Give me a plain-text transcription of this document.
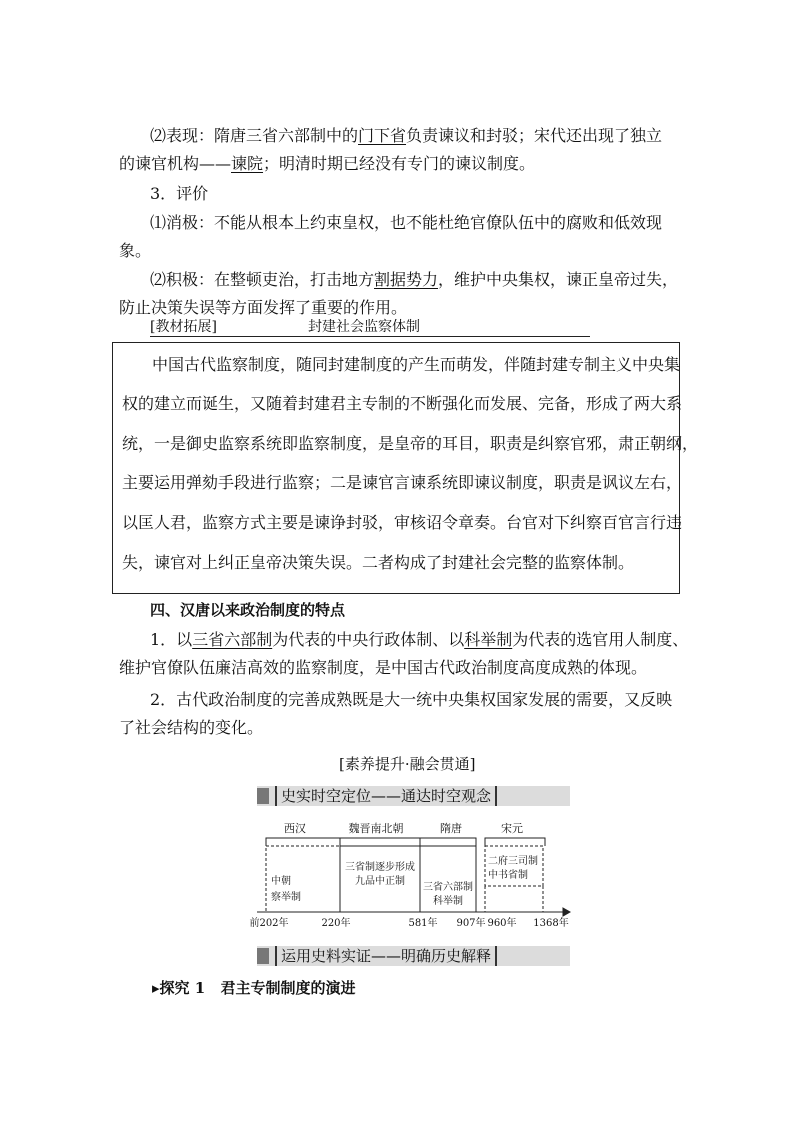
⑵表现：隋唐三省六部制中的门下省负责谏议和封驳；宋代还出现了独立
的谏官机构——谏院；明清时期已经没有专门的谏议制度。
3．评价
⑴消极：不能从根本上约束皇权，也不能杜绝官僚队伍中的腐败和低效现
象。
⑵积极：在整顿吏治，打击地方割据势力，维护中央集权，谏正皇帝过失，
防止决策失误等方面发挥了重要的作用。
[教材拓展]	封建社会监察体制
中国古代监察制度，随同封建制度的产生而萌发，伴随封建专制主义中央集
权的建立而诞生，又随着封建君主专制的不断强化而发展、完备，形成了两大系
统，一是御史监察系统即监察制度，是皇帝的耳目，职责是纠察官邪，肃正朝纲，
主要运用弹劾手段进行监察；二是谏官言谏系统即谏议制度，职责是讽议左右，
以匡人君，监察方式主要是谏诤封驳，审核诏令章奏。台官对下纠察百官言行违
失，谏官对上纠正皇帝决策失误。二者构成了封建社会完整的监察体制。
四、汉唐以来政治制度的特点
1．以三省六部制为代表的中央行政体制、以科举制为代表的选官用人制度、
维护官僚队伍廉洁高效的监察制度，是中国古代政治制度高度成熟的体现。
2．古代政治制度的完善成熟既是大一统中央集权国家发展的需要，又反映
了社会结构的变化。
[素养提升·融会贯通]
史实时空定位——通达时空观念
西汉	魏晋南北朝	隋唐	宋元
中朝
察举制
三省制逐步形成
九品中正制
三省六部制
科举制
二府三司制
中书省制
前202年	220年	581年 907年 960年 1368年
运用史料实证——明确历史解释
▸探究 1 君主专制制度的演进
